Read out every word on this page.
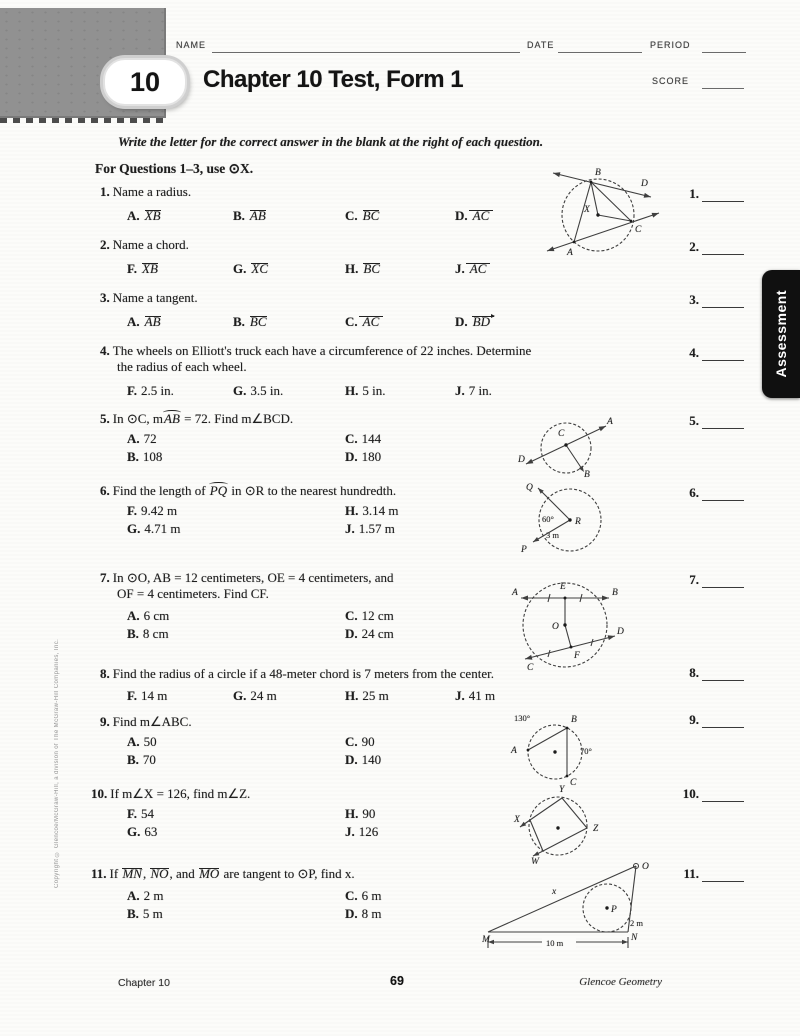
NAME	DATE	PERIOD
SCORE
10 Chapter 10 Test, Form 1
Write the letter for the correct answer in the blank at the right of each question.
For Questions 1–3, use ⊙X.
1. Name a radius.
A. XB	B. AB	C. BC	D. AC
2. Name a chord.
F. XB	G. XC	H. BC	J. AC
3. Name a tangent.
A. AB	B. BC	C. AC	D. BD
4. The wheels on Elliott's truck each have a circumference of 22 inches. Determine
the radius of each wheel.
F. 2.5 in.	G. 3.5 in.	H. 5 in.	J. 7 in.
5. In ⊙C, mAB = 72. Find m∠BCD.
A. 72
B. 108
C. 144
D. 180
6. Find the length of PQ in ⊙R to the nearest hundredth.
F. 9.42 m
G. 4.71 m
H. 3.14 m
J. 1.57 m
7. In ⊙O, AB = 12 centimeters, OE = 4 centimeters, and
OF = 4 centimeters. Find CF.
A. 6 cm
B. 8 cm
C. 12 cm
D. 24 cm
8. Find the radius of a circle if a 48-meter chord is 7 meters from the center.
F. 14 m	G. 24 m	H. 25 m	J. 41 m
9. Find m∠ABC.
A. 50
B. 70
C. 90
D. 140
10. If m∠X = 126, find m∠Z.
F. 54
G. 63
H. 90
J. 126
11. If MN, NO, and MO are tangent to ⊙P, find x.
A. 2 m
B. 5 m
C. 6 m
D. 8 m
1.
2.
3.
4.
5.
6.
7.
8.
9.
10.
11.
X
A
B
C
D
C
A
D
B
R
Q
P
60°
3 m
A	B
E
O
C
D
F
130°	B
A	70°
C
Y
X
Z
W
P
x
O
M	N
2 m
10 m
Assessment
Copyright © Glencoe/McGraw-Hill, a division of The McGraw-Hill Companies, Inc.
Chapter 10	69	Glencoe Geometry
